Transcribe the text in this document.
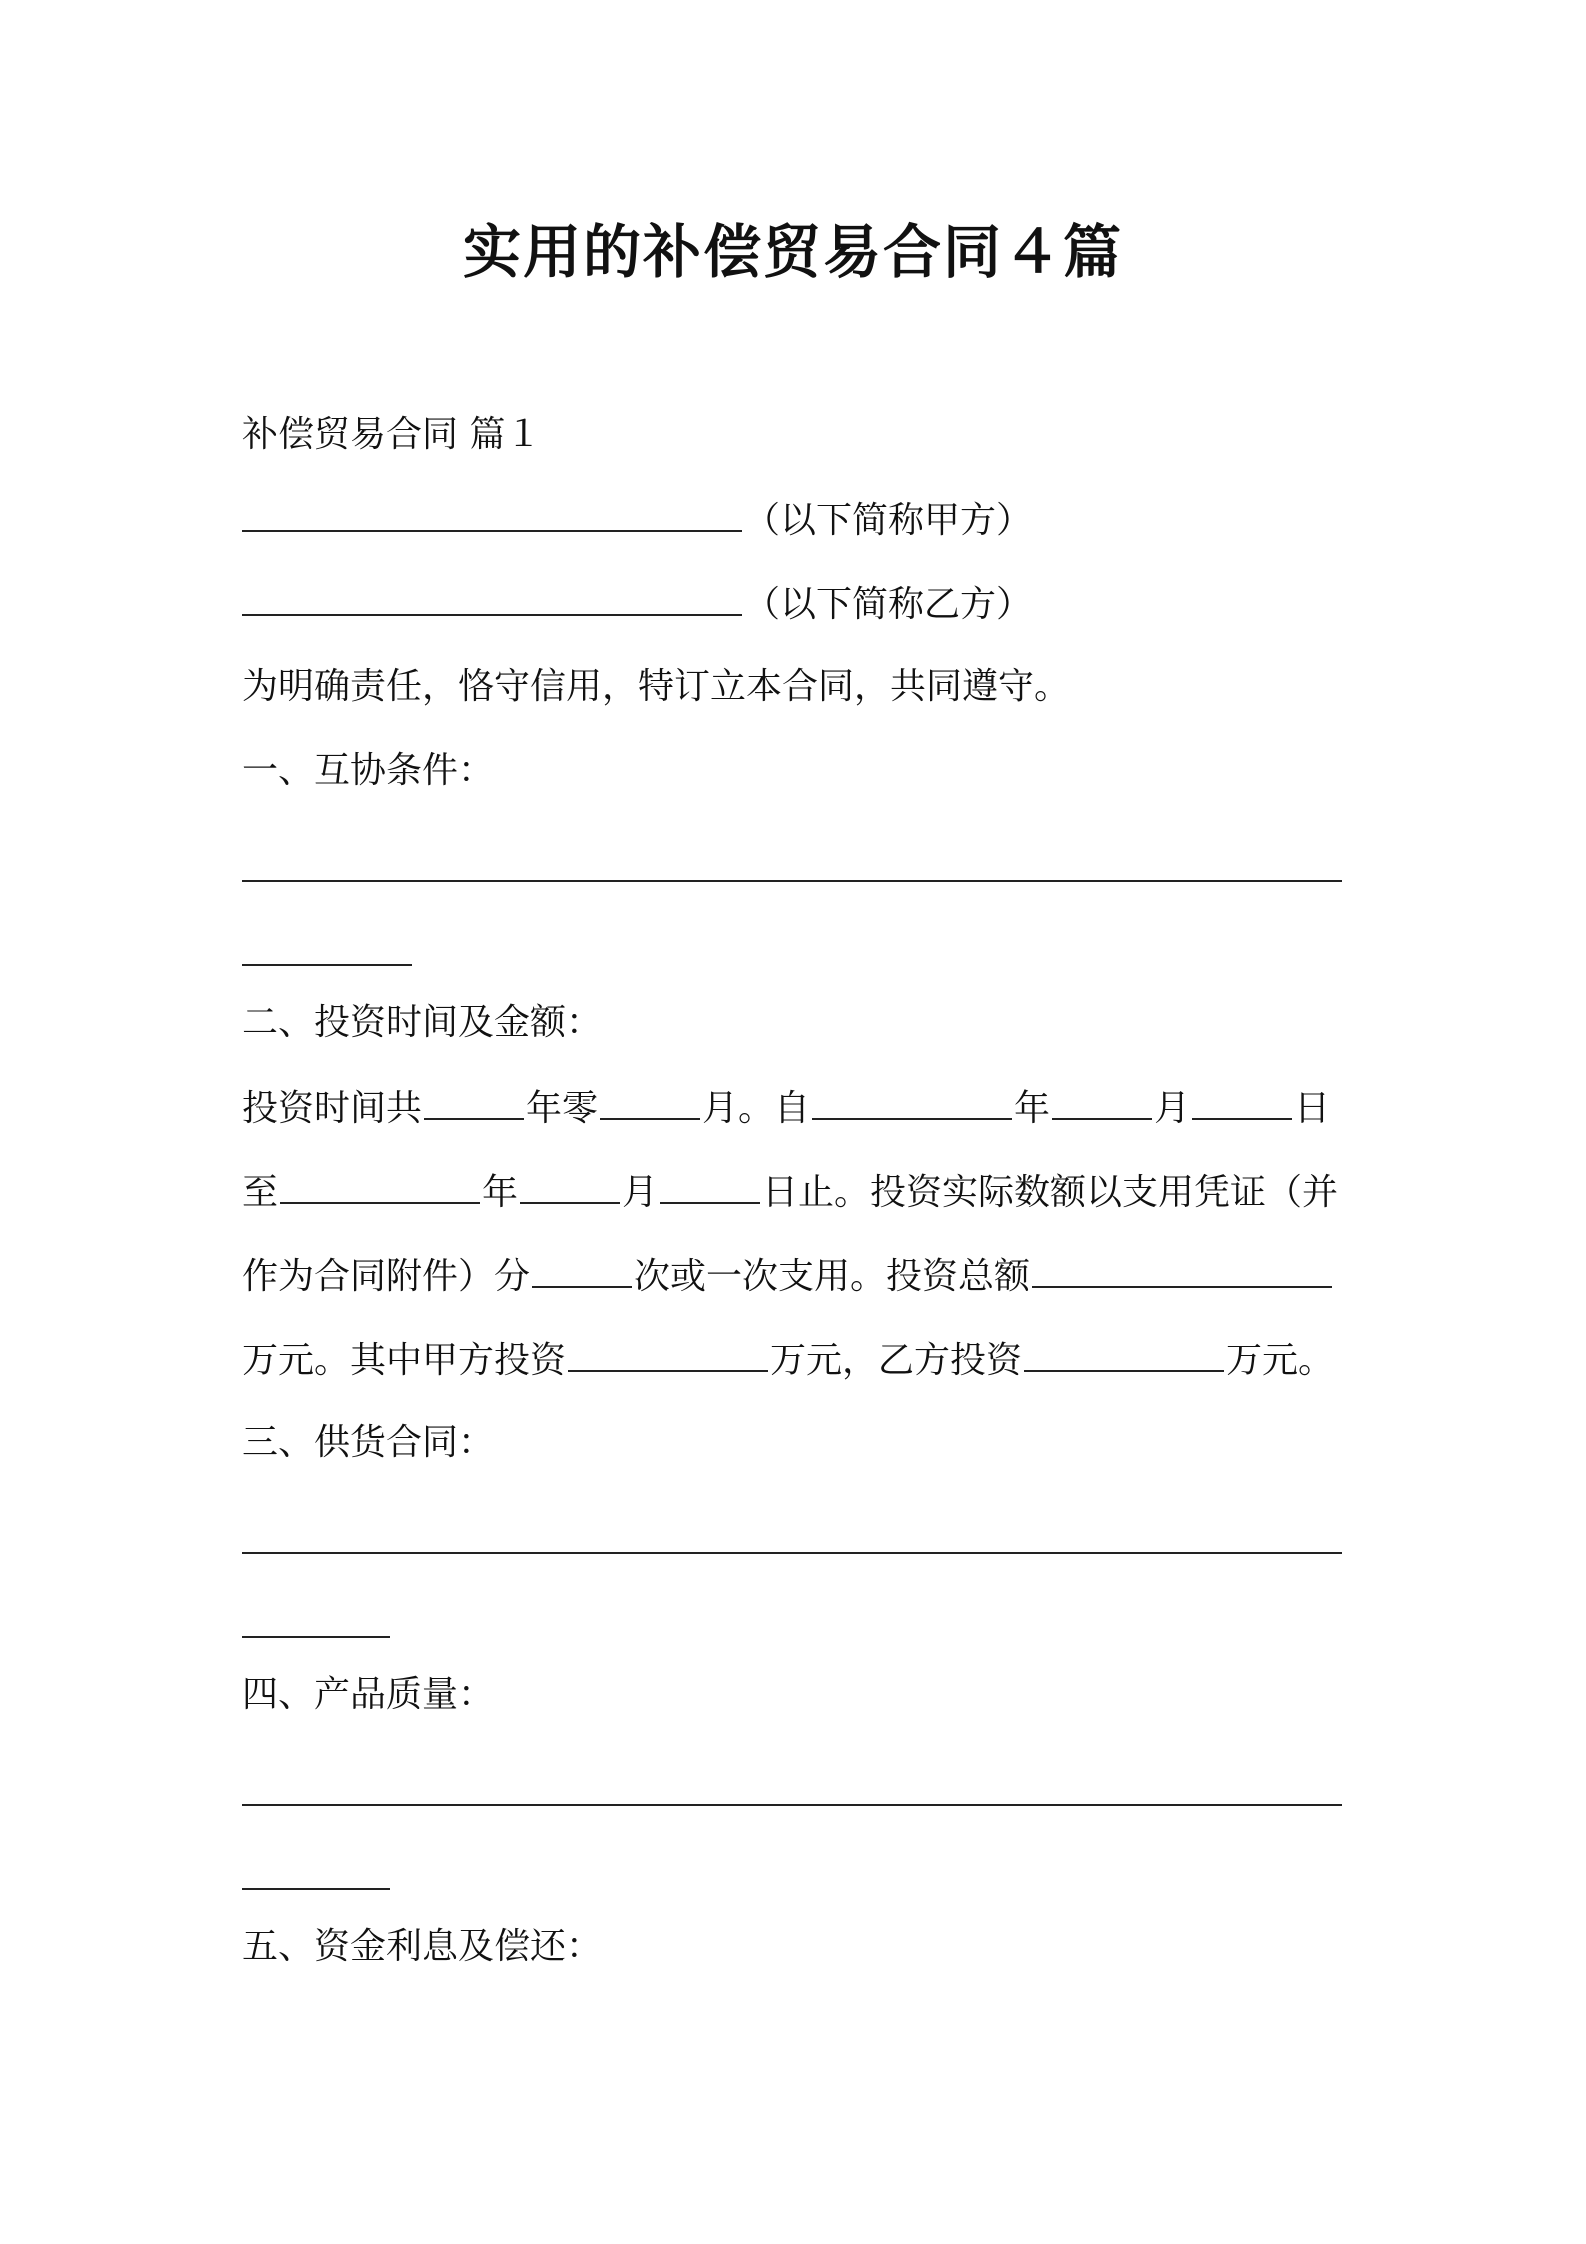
实用的补偿贸易合同４篇

补偿贸易合同 篇１

（以下简称甲方）

（以下简称乙方）

为明确责任，恪守信用，特订立本合同，共同遵守。

一、互协条件：

二、投资时间及金额：

投资时间共	年零	月。自	年	月	日

至	年	月	日止。投资实际数额以支用凭证（并

作为合同附件）分	次或一次支用。投资总额

万元。其中甲方投资	万元，乙方投资	万元。

三、供货合同：

四、产品质量：

五、资金利息及偿还：
